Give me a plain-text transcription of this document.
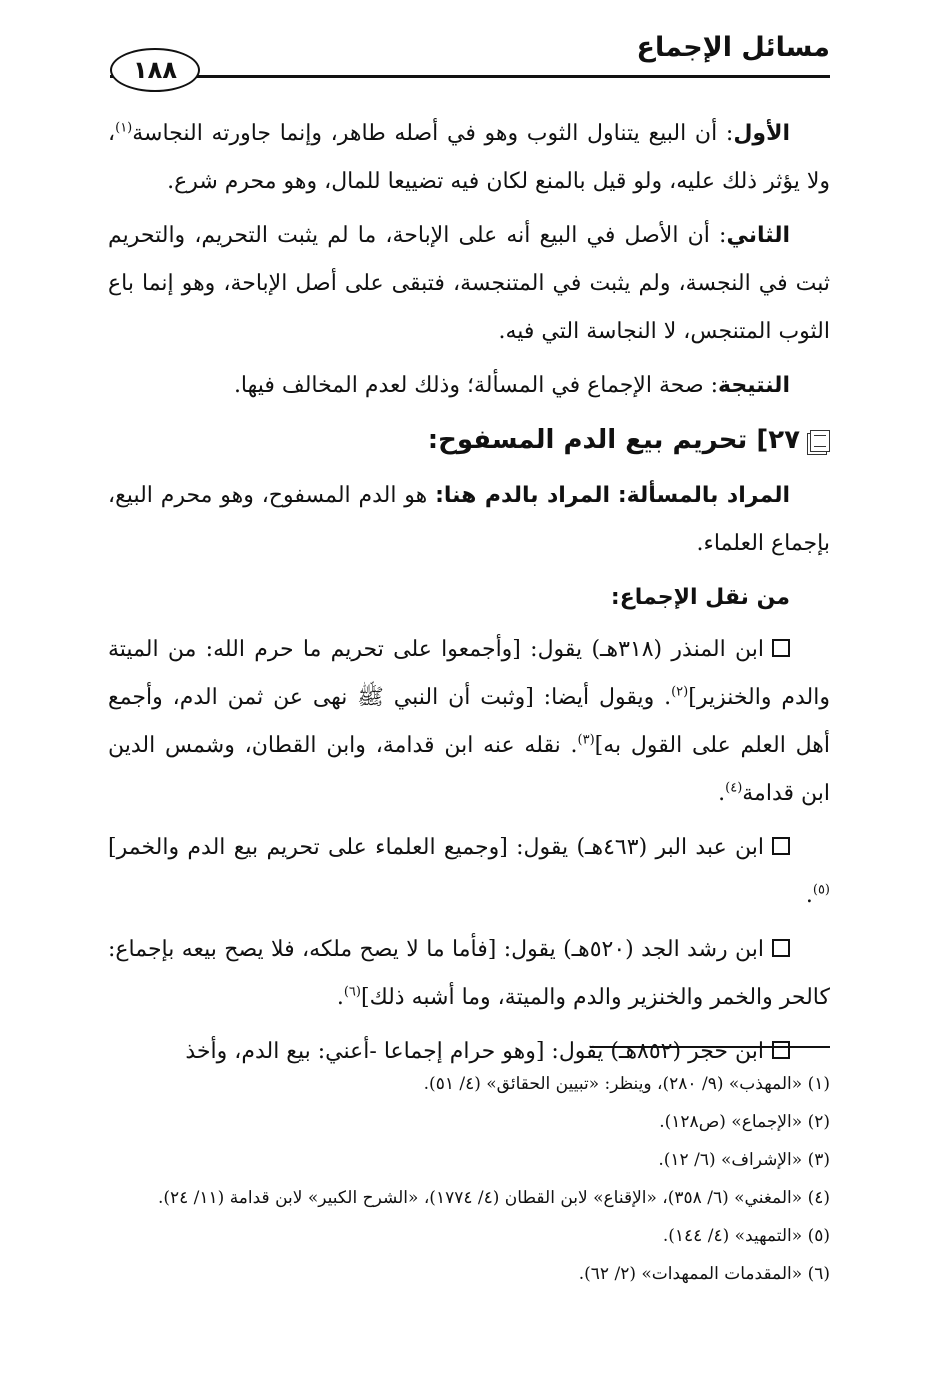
مسائل الإجماع
١٨٨

الأول: أن البيع يتناول الثوب وهو في أصله طاهر، وإنما جاورته النجاسة$^{(١)}$، ولا يؤثر ذلك عليه، ولو قيل بالمنع لكان فيه تضييعا للمال، وهو محرم شرع.

الثاني: أن الأصل في البيع أنه على الإباحة، ما لم يثبت التحريم، والتحريم ثبت في النجسة، ولم يثبت في المتنجسة، فتبقى على أصل الإباحة، وهو إنما باع الثوب المتنجس، لا النجاسة التي فيه.

النتيجة: صحة الإجماع في المسألة؛ وذلك لعدم المخالف فيها.

٢٧] تحريم بيع الدم المسفوح:

المراد بالمسألة: المراد بالدم هنا: هو الدم المسفوح، وهو محرم البيع، بإجماع العلماء.

من نقل الإجماع:

ابن المنذر (٣١٨هـ) يقول: [وأجمعوا على تحريم ما حرم الله: من الميتة والدم والخنزير]$^{(٢)}$. ويقول أيضا: [وثبت أن النبي ﷺ نهى عن ثمن الدم، وأجمع أهل العلم على القول به]$^{(٣)}$. نقله عنه ابن قدامة، وابن القطان، وشمس الدين ابن قدامة$^{(٤)}$.

ابن عبد البر (٤٦٣هـ) يقول: [وجميع العلماء على تحريم بيع الدم والخمر]$^{(٥)}$.

ابن رشد الجد (٥٢٠هـ) يقول: [فأما ما لا يصح ملكه، فلا يصح بيعه بإجماع: كالحر والخمر والخنزير والدم والميتة، وما أشبه ذلك]$^{(٦)}$.

ابن حجر (٨٥٢هـ) يقول: [وهو حرام إجماعا -أعني: بيع الدم، وأخذ

(١) «المهذب» (٩/ ٢٨٠)، وينظر: «تبيين الحقائق» (٤/ ٥١).
(٢) «الإجماع» (ص١٢٨).
(٣) «الإشراف» (٦/ ١٢).
(٤) «المغني» (٦/ ٣٥٨)، «الإقناع» لابن القطان (٤/ ١٧٧٤)، «الشرح الكبير» لابن قدامة (١١/ ٢٤).
(٥) «التمهيد» (٤/ ١٤٤).
(٦) «المقدمات الممهدات» (٢/ ٦٢).
